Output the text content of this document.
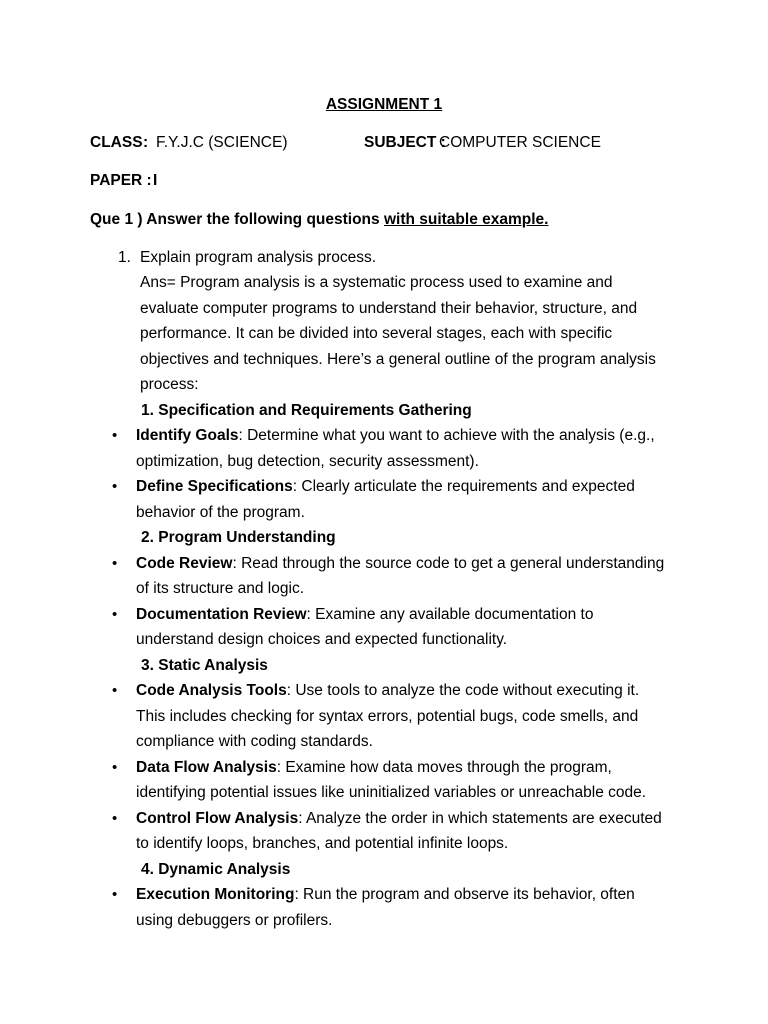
ASSIGNMENT 1
CLASS : F.Y.J.C (SCIENCE)	SUBJECT :
COMPUTER SCIENCE
PAPER : I
Que 1 ) Answer the following questions with suitable example.
1. Explain program analysis process.
Ans= Program analysis is a systematic process used to examine and
evaluate computer programs to understand their behavior, structure, and
performance. It can be divided into several stages, each with specific
objectives and techniques. Here’s a general outline of the program analysis
process:
1. Specification and Requirements Gathering
• Identify Goals: Determine what you want to achieve with the analysis (e.g.,
optimization, bug detection, security assessment).
• Define Specifications: Clearly articulate the requirements and expected
behavior of the program.
2. Program Understanding
• Code Review: Read through the source code to get a general understanding
of its structure and logic.
• Documentation Review: Examine any available documentation to
understand design choices and expected functionality.
3. Static Analysis
• Code Analysis Tools: Use tools to analyze the code without executing it.
This includes checking for syntax errors, potential bugs, code smells, and
compliance with coding standards.
• Data Flow Analysis: Examine how data moves through the program,
identifying potential issues like uninitialized variables or unreachable code.
• Control Flow Analysis: Analyze the order in which statements are executed
to identify loops, branches, and potential infinite loops.
4. Dynamic Analysis
• Execution Monitoring: Run the program and observe its behavior, often
using debuggers or profilers.
